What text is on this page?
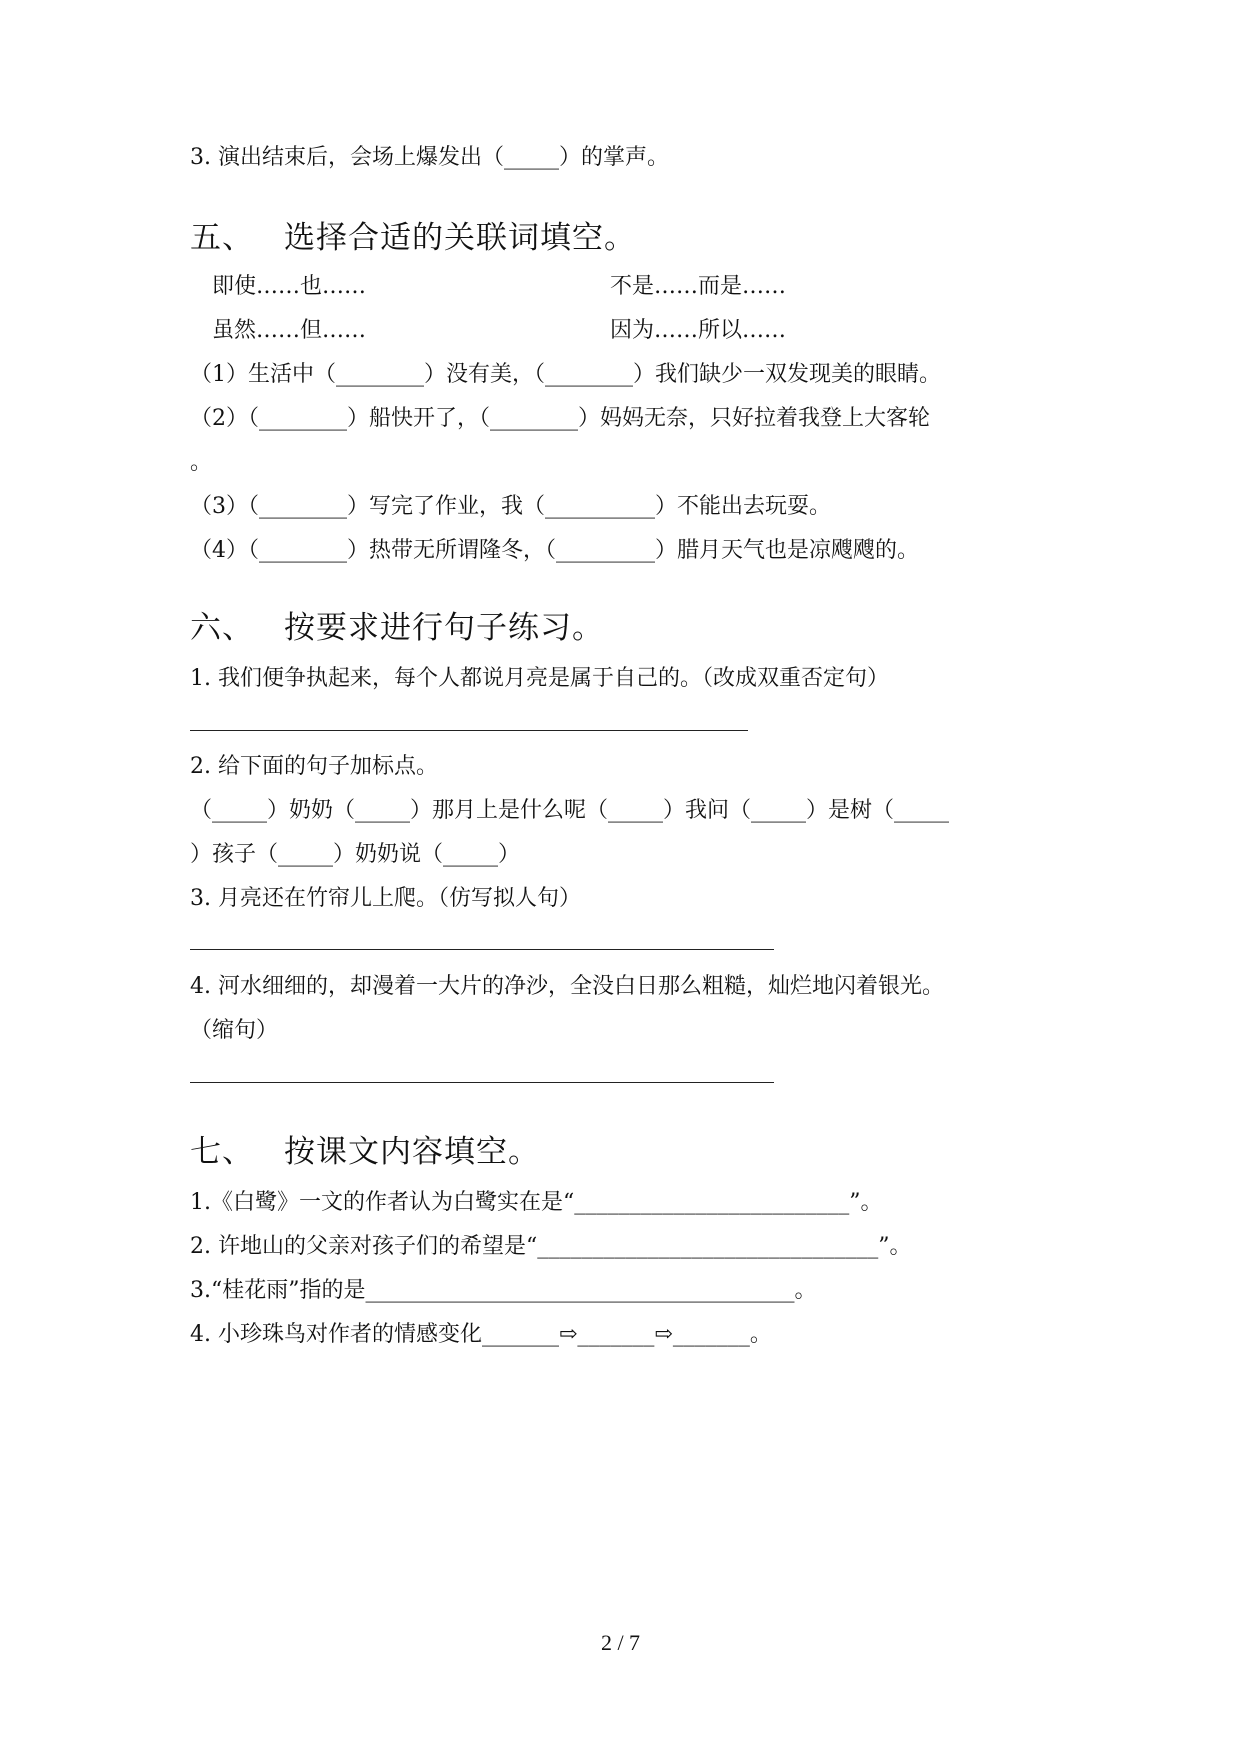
3. 演出结束后，会场上爆发出（_____）的掌声。
五、 选择合适的关联词填空。
即使……也……	不是……而是……
虽然……但……	因为……所以……
（1）生活中（________）没有美，（________）我们缺少一双发现美的眼睛。
（2）（________）船快开了，（________）妈妈无奈，只好拉着我登上大客轮
。
（3）（________）写完了作业，我（__________）不能出去玩耍。
（4）（________）热带无所谓隆冬，（_________）腊月天气也是凉飕飕的。
六、 按要求进行句子练习。
1. 我们便争执起来，每个人都说月亮是属于自己的。（改成双重否定句）
2. 给下面的句子加标点。
（_____）奶奶（_____）那月上是什么呢（_____）我问（_____）是树（_____
）孩子（_____）奶奶说（_____）
3. 月亮还在竹帘儿上爬。（仿写拟人句）
4. 河水细细的，却漫着一大片的净沙，全没白日那么粗糙，灿烂地闪着银光。
（缩句）
七、 按课文内容填空。
1.《白鹭》一文的作者认为白鹭实在是“_________________________”。
2. 许地山的父亲对孩子们的希望是“_______________________________”。
3.“桂花雨”指的是_______________________________________。
4. 小珍珠鸟对作者的情感变化_______⇨_______⇨_______。
2 / 7
